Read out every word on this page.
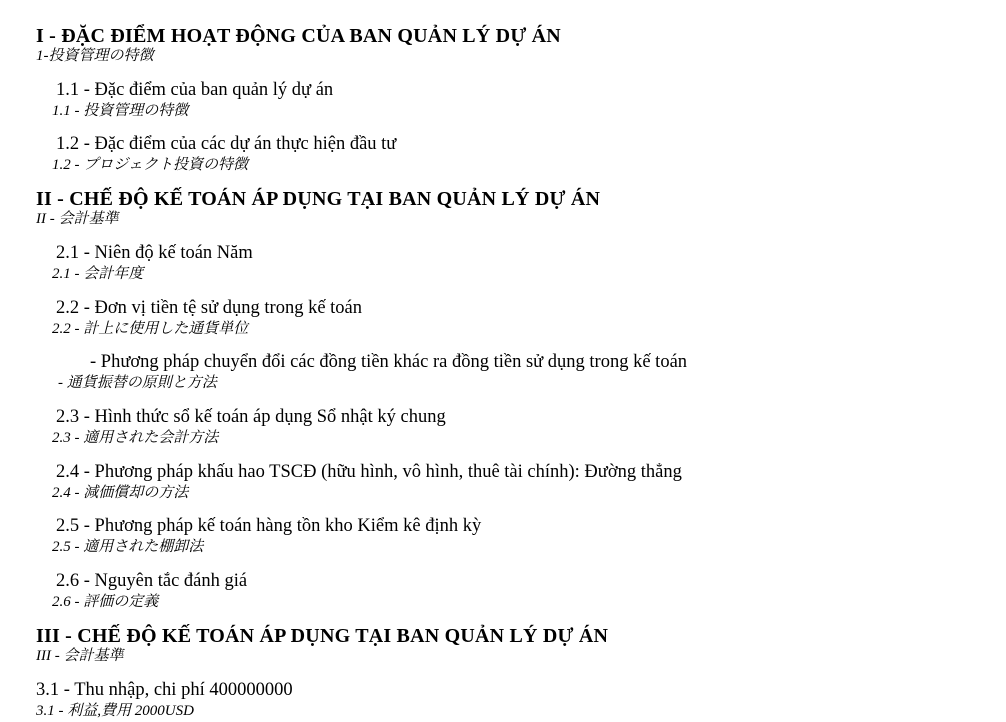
I - ĐẶC ĐIỂM HOẠT ĐỘNG CỦA BAN QUẢN LÝ DỰ ÁN
1-投資管理の特徴
1.1 - Đặc điểm của ban quản lý dự án
1.1 - 投資管理の特徴
1.2 - Đặc điểm của các dự án thực hiện đầu tư
1.2 - プロジェクト投資の特徴
II - CHẾ ĐỘ KẾ TOÁN ÁP DỤNG TẠI BAN QUẢN LÝ DỰ ÁN
II - 会計基準
2.1 - Niên độ kế toán Năm
2.1 - 会計年度
2.2 - Đơn vị tiền tệ sử dụng trong kế toán
2.2 - 計上に使用した通貨単位
- Phương pháp chuyển đổi các đồng tiền khác ra đồng tiền sử dụng trong kế toán
- 通貨振替の原則と方法
2.3 - Hình thức sổ kế toán áp dụng Sổ nhật ký chung
2.3 - 適用された会計方法
2.4 - Phương pháp khấu hao TSCĐ (hữu hình, vô hình, thuê tài chính): Đường thẳng
2.4 - 減価償却の方法
2.5 - Phương pháp kế toán hàng tồn kho Kiểm kê định kỳ
2.5 - 適用された棚卸法
2.6 - Nguyên tắc đánh giá
2.6 - 評価の定義
III - CHẾ ĐỘ KẾ TOÁN ÁP DỤNG TẠI BAN QUẢN LÝ DỰ ÁN
III - 会計基準
3.1 - Thu nhập, chi phí 400000000
3.1 - 利益,費用 2000USD
